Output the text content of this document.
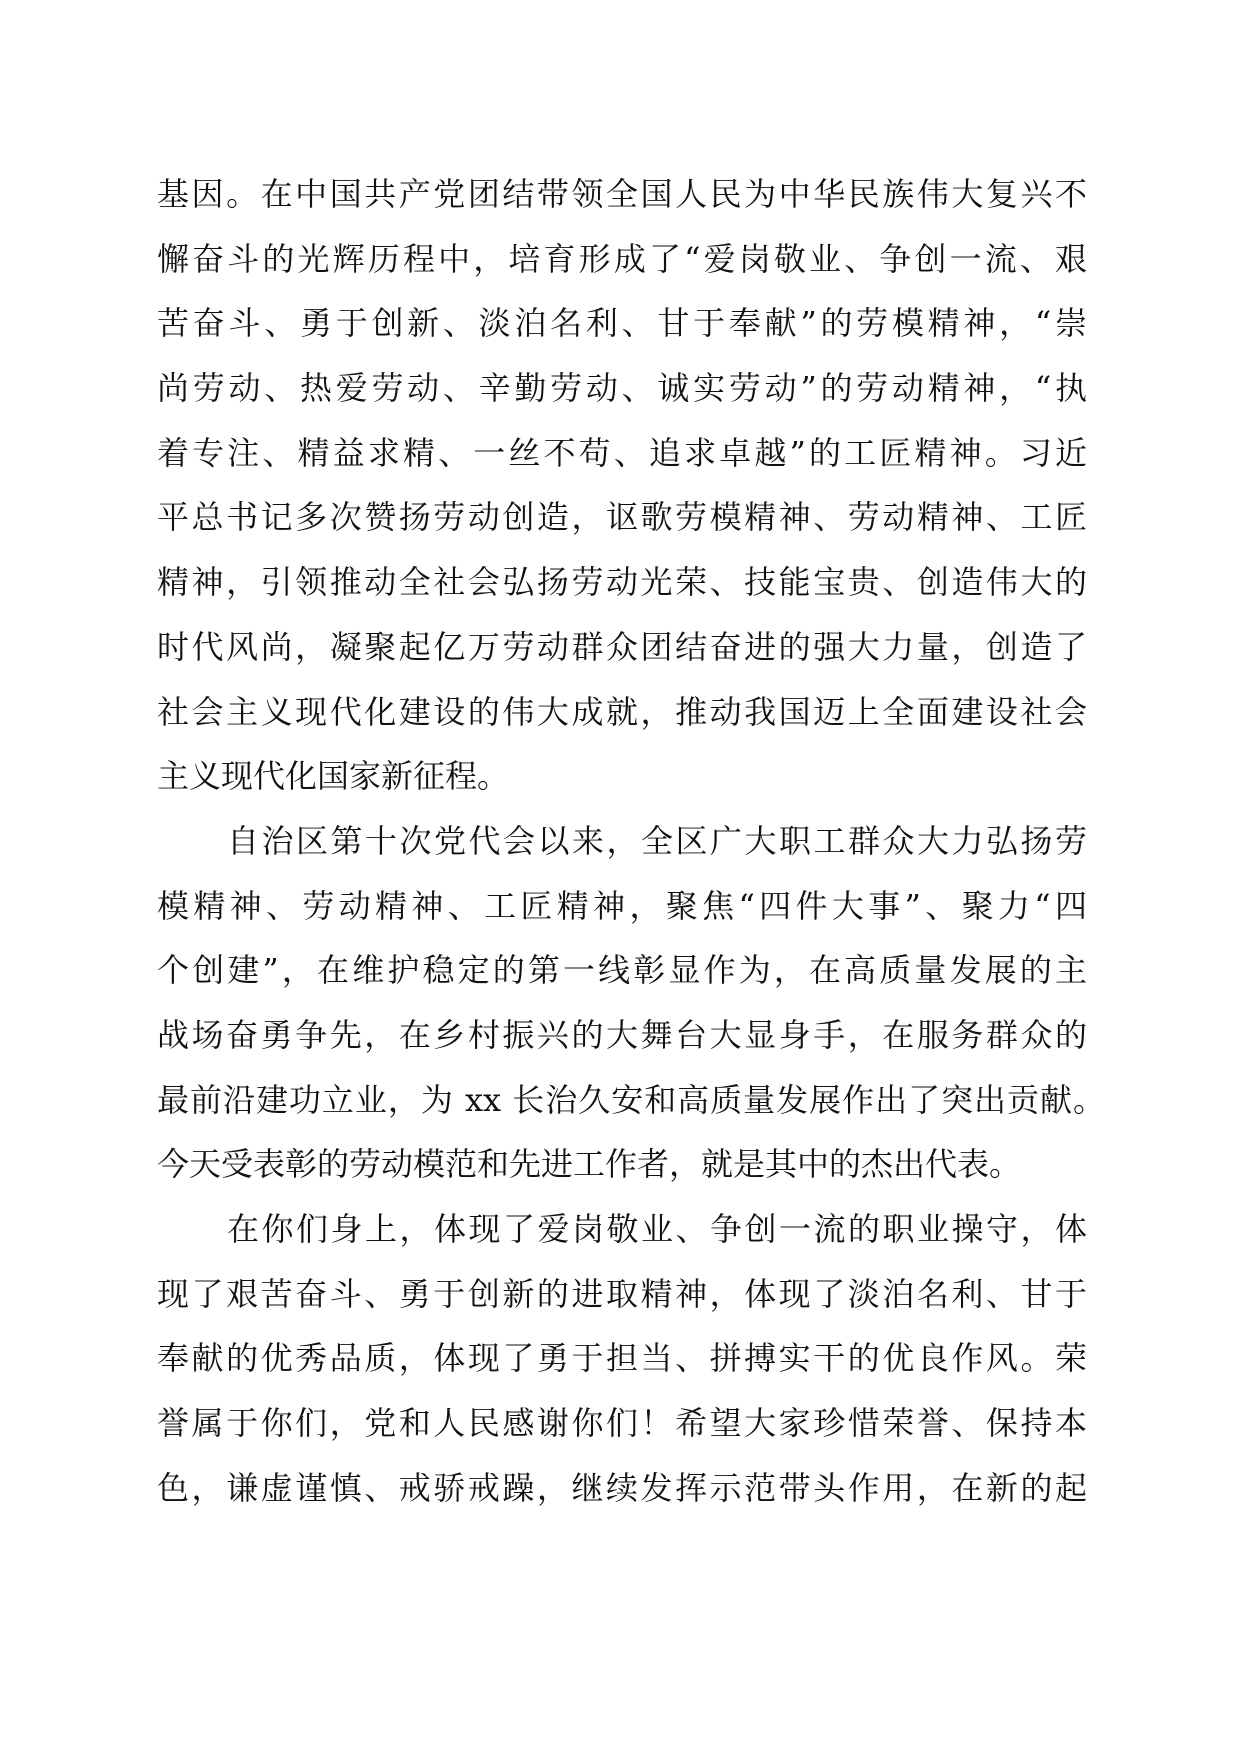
基因。在中国共产党团结带领全国人民为中华民族伟大复兴不
懈奋斗的光辉历程中，培育形成了“爱岗敬业、争创一流、艰
苦奋斗、勇于创新、淡泊名利、甘于奉献”的劳模精神，“崇
尚劳动、热爱劳动、辛勤劳动、诚实劳动”的劳动精神，“执
着专注、精益求精、一丝不苟、追求卓越”的工匠精神。习近
平总书记多次赞扬劳动创造，讴歌劳模精神、劳动精神、工匠
精神，引领推动全社会弘扬劳动光荣、技能宝贵、创造伟大的
时代风尚，凝聚起亿万劳动群众团结奋进的强大力量，创造了
社会主义现代化建设的伟大成就，推动我国迈上全面建设社会
主义现代化国家新征程。
自治区第十次党代会以来，全区广大职工群众大力弘扬劳
模精神、劳动精神、工匠精神，聚焦“四件大事”、聚力“四
个创建”，在维护稳定的第一线彰显作为，在高质量发展的主
战场奋勇争先，在乡村振兴的大舞台大显身手，在服务群众的
最前沿建功立业，为 xx 长治久安和高质量发展作出了突出贡献。
今天受表彰的劳动模范和先进工作者，就是其中的杰出代表。
在你们身上，体现了爱岗敬业、争创一流的职业操守，体
现了艰苦奋斗、勇于创新的进取精神，体现了淡泊名利、甘于
奉献的优秀品质，体现了勇于担当、拼搏实干的优良作风。荣
誉属于你们，党和人民感谢你们！希望大家珍惜荣誉、保持本
色，谦虚谨慎、戒骄戒躁，继续发挥示范带头作用，在新的起
